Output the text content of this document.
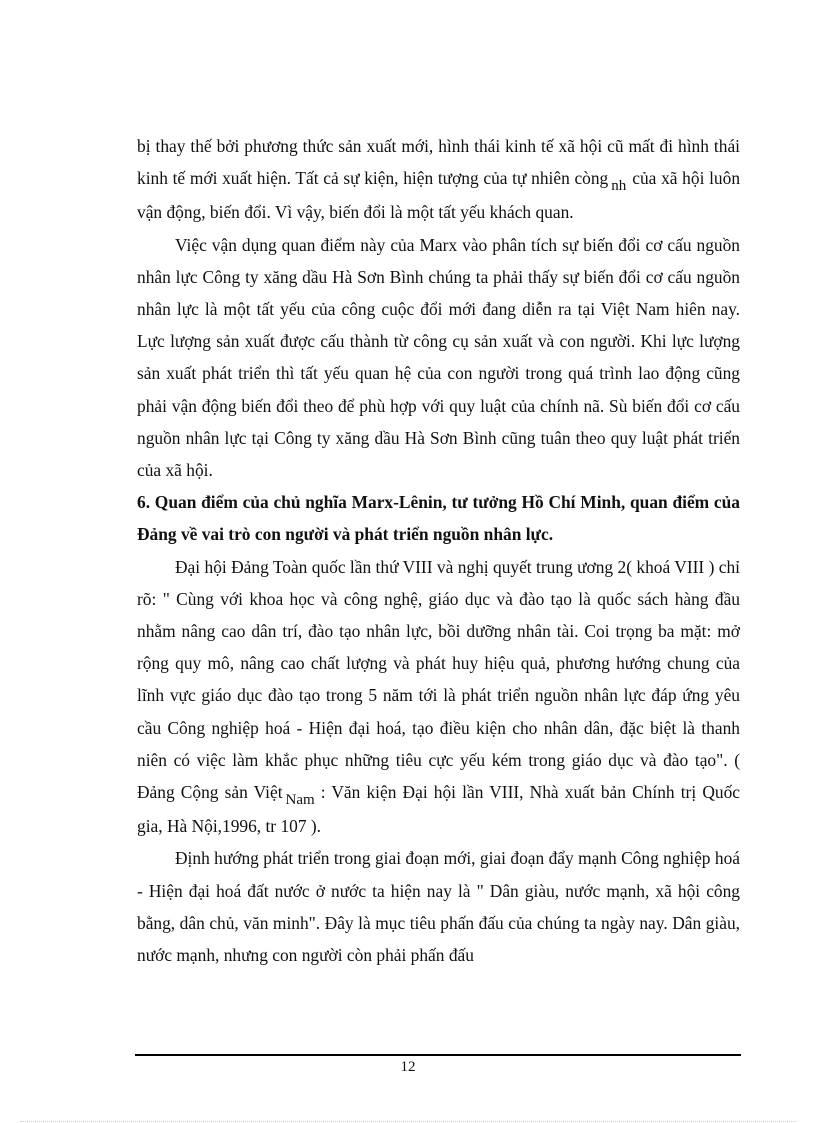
bị thay thế bởi phương thức sản xuất mới, hình thái kinh tế xã hội cũ mất đi hình thái kinh tế mới xuất hiện. Tất cả sự kiện, hiện tượng của tự nhiên còng nh của xã hội luôn vận động, biến đổi. Vì vậy, biến đổi là một tất yếu khách quan.

Việc vận dụng quan điểm này của Marx vào phân tích sự biến đổi cơ cấu nguồn nhân lực Công ty xăng dầu Hà Sơn Bình chúng ta phải thấy sự biến đổi cơ cấu nguồn nhân lực là một tất yếu của công cuộc đổi mới đang diễn ra tại Việt Nam hiên nay. Lực lượng sản xuất được cấu thành từ công cụ sản xuất và con người. Khi lực lượng sản xuất phát triển thì tất yếu quan hệ của con người trong quá trình lao động cũng phải vận động biến đổi theo để phù hợp với quy luật của chính nã. Sù biến đổi cơ cấu nguồn nhân lực tại Công ty xăng dầu Hà Sơn Bình cũng tuân theo quy luật phát triển của xã hội.

6. Quan điểm của chủ nghĩa Marx-Lênin, tư tưởng Hồ Chí Minh, quan điểm của Đảng về vai trò con người và phát triển nguồn nhân lực.

Đại hội Đảng Toàn quốc lần thứ VIII và nghị quyết trung ương 2( khoá VIII ) chỉ rõ: " Cùng với khoa học và công nghệ, giáo dục và đào tạo là quốc sách hàng đầu nhằm nâng cao dân trí, đào tạo nhân lực, bồi dưỡng nhân tài. Coi trọng ba mặt: mở rộng quy mô, nâng cao chất lượng và phát huy hiệu quả, phương hướng chung của lĩnh vực giáo dục đào tạo trong 5 năm tới là phát triển nguồn nhân lực đáp ứng yêu cầu Công nghiệp hoá - Hiện đại hoá, tạo điều kiện cho nhân dân, đặc biệt là thanh niên có việc làm khắc phục những tiêu cực yếu kém trong giáo dục và đào tạo". ( Đảng Cộng sản Việt Nam : Văn kiện Đại hội lần VIII, Nhà xuất bản Chính trị Quốc gia, Hà Nội,1996, tr 107 ).

Định hướng phát triển trong giai đoạn mới, giai đoạn đẩy mạnh Công nghiệp hoá - Hiện đại hoá đất nước ở nước ta hiện nay là " Dân giàu, nước mạnh, xã hội công bằng, dân chủ, văn minh". Đây là mục tiêu phấn đấu của chúng ta ngày nay. Dân giàu, nước mạnh, nhưng con người còn phải phấn đấu

12
